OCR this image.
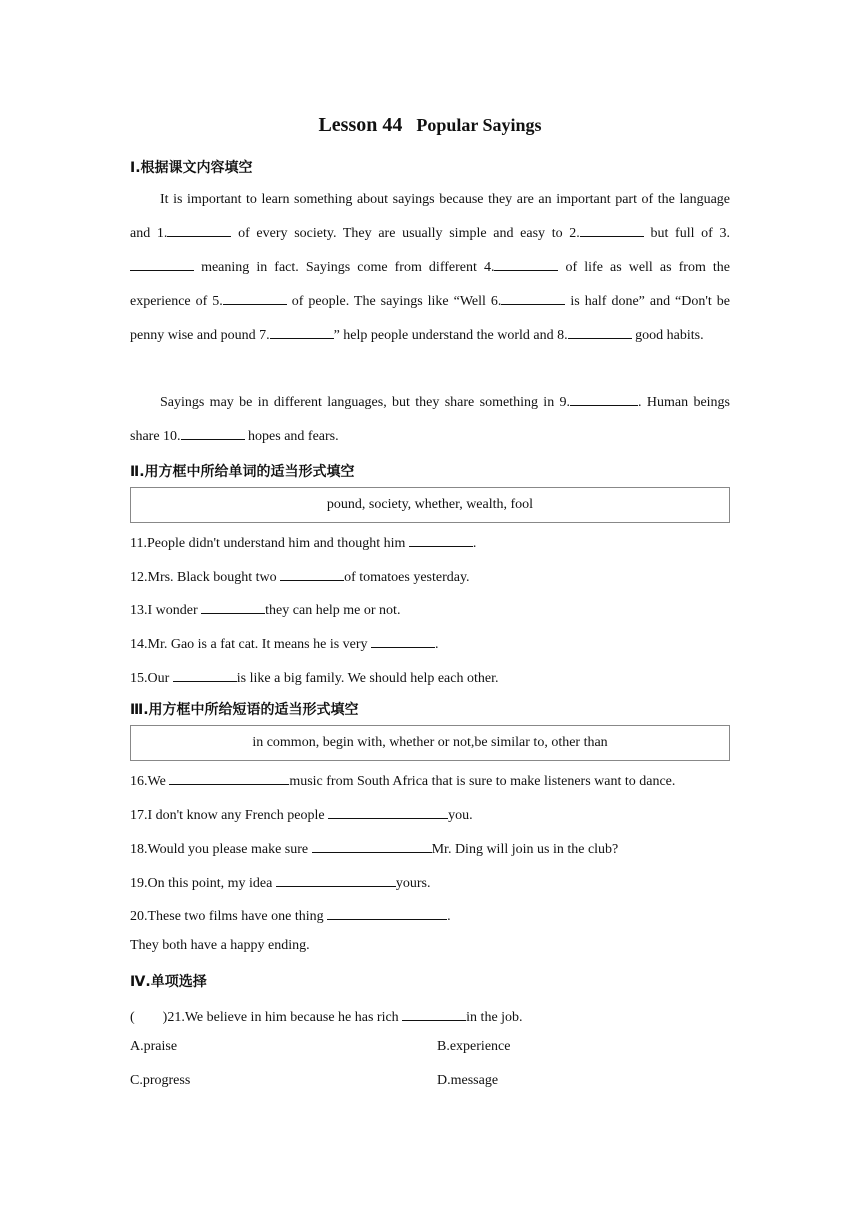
Lesson 44 Popular Sayings
Ⅰ.根据课文内容填空
It is important to learn something about sayings because they are an important part of the language and 1.	of every society. They are usually simple and easy to 2.	but full of 3. meaning in fact. Sayings come from different 4.	of life as well as from the experience of 5.	of people. The sayings like “Well 6.	is half done” and “Don't be penny wise and pound 7.	” help people understand the world and 8.	good habits.
Sayings may be in different languages, but they share something in 9.	. Human beings share 10.	hopes and fears.
Ⅱ.用方框中所给单词的适当形式填空
pound, society, whether, wealth, fool
11.People didn't understand him and thought him	.
12.Mrs. Black bought two	of tomatoes yesterday.
13.I wonder	they can help me or not.
14.Mr. Gao is a fat cat. It means he is very	.
15.Our	is like a big family. We should help each other.
Ⅲ.用方框中所给短语的适当形式填空
in common, begin with, whether or not,be similar to, other than
16.We	music from South Africa that is sure to make listeners want to dance.
17.I don't know any French people	you.
18.Would you please make sure	Mr. Ding will join us in the club?
19.On this point, my idea	yours.
20.These two films have one thing	.
They both have a happy ending.
Ⅳ.单项选择
(        )21.We believe in him because he has rich	in the job.
A.praise	B.experience
C.progress	D.message
